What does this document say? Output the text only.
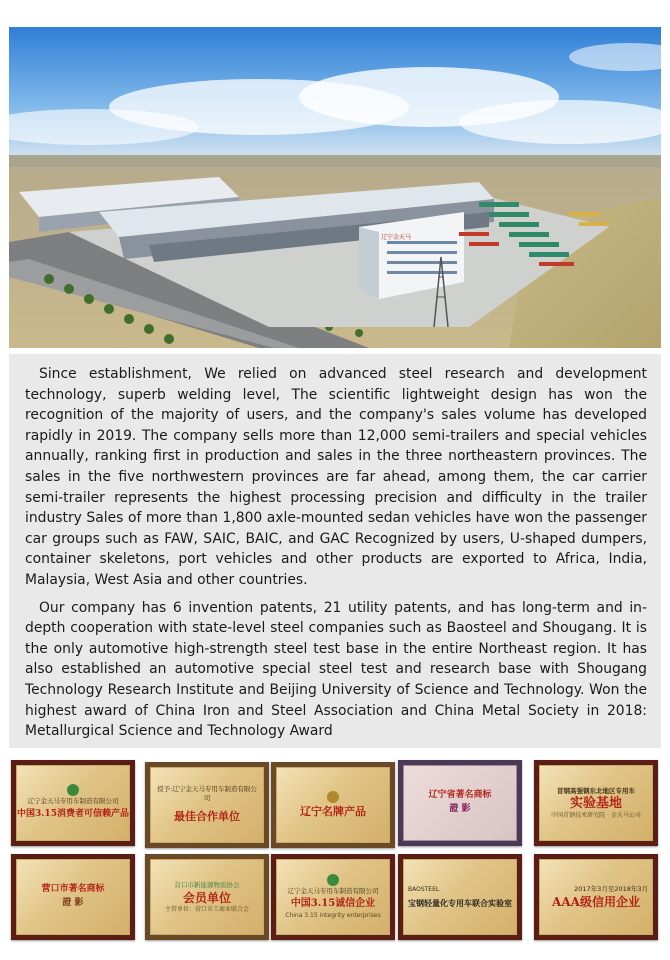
辽宁金天马

Since establishment, We relied on advanced steel research and development technology, superb welding level, The scientific lightweight design has won the recognition of the majority of users, and the company's sales volume has developed rapidly in 2019. The company sells more than 12,000 semi-trailers and special vehicles annually, ranking first in production and sales in the three northeastern provinces. The sales in the five northwestern provinces are far ahead, among them, the car carrier semi-trailer represents the highest processing precision and difficulty in the trailer industry Sales of more than 1,800 axle-mounted sedan vehicles have won the passenger car groups such as FAW, SAIC, BAIC, and GAC Recognized by users, U-shaped dumpers, container skeletons, port vehicles and other products are exported to Africa, India, Malaysia, West Asia and other countries.

Our company has 6 invention patents, 21 utility patents, and has long-term and in-depth cooperation with state-level steel companies such as Baosteel and Shougang. It is the only automotive high-strength steel test base in the entire Northeast region. It has also established an automotive special steel test and research base with Shougang Technology Research Institute and Beijing University of Science and Technology. Won the highest award of China Iron and Steel Association and China Metal Society in 2018: Metallurgical Science and Technology Award

辽宁金天马专用车制造有限公司
中国3.15消费者可信赖产品
授予:辽宁金天马专用车制造有限公司
最佳合作单位	辽宁名牌产品
辽宁省著名商标
證 影
首钢高强钢东北地区专用车
实验基地
中国首钢技术研究院 · 金天马公司
营口市著名商标
證 影
营口市新能源物流协会
会员单位
主管单位：营口市工商业联合会
辽宁金天马专用车制造有限公司
中国3.15诚信企业
China 3.15 integrity enterprises
BAOSTEEL
宝钢轻量化专用车联合实验室
2017年3月至2018年3月
AAA级信用企业
